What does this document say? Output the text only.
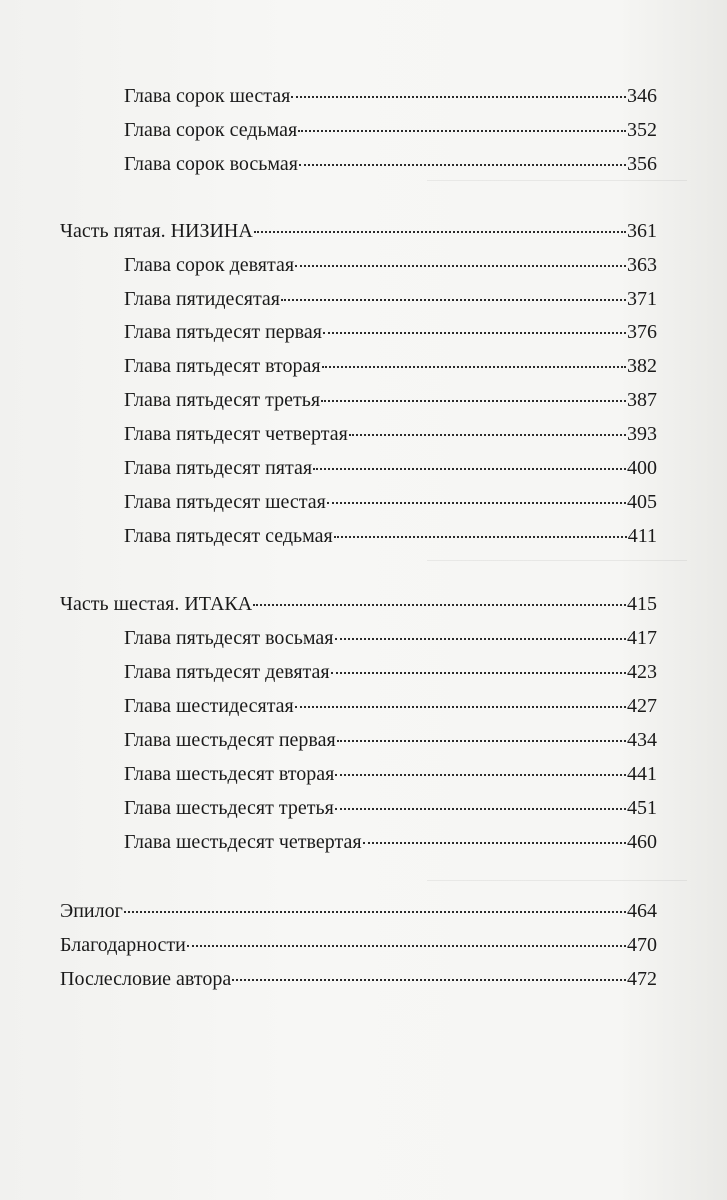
Глава сорок шестая	346
Глава сорок седьмая	352
Глава сорок восьмая	356
Часть пятая. НИЗИНА	361
Глава сорок девятая	363
Глава пятидесятая	371
Глава пятьдесят первая	376
Глава пятьдесят вторая	382
Глава пятьдесят третья	387
Глава пятьдесят четвертая	393
Глава пятьдесят пятая	400
Глава пятьдесят шестая	405
Глава пятьдесят седьмая	411
Часть шестая. ИТАКА	415
Глава пятьдесят восьмая	417
Глава пятьдесят девятая	423
Глава шестидесятая	427
Глава шестьдесят первая	434
Глава шестьдесят вторая	441
Глава шестьдесят третья	451
Глава шестьдесят четвертая	460
Эпилог	464
Благодарности	470
Послесловие автора	472
